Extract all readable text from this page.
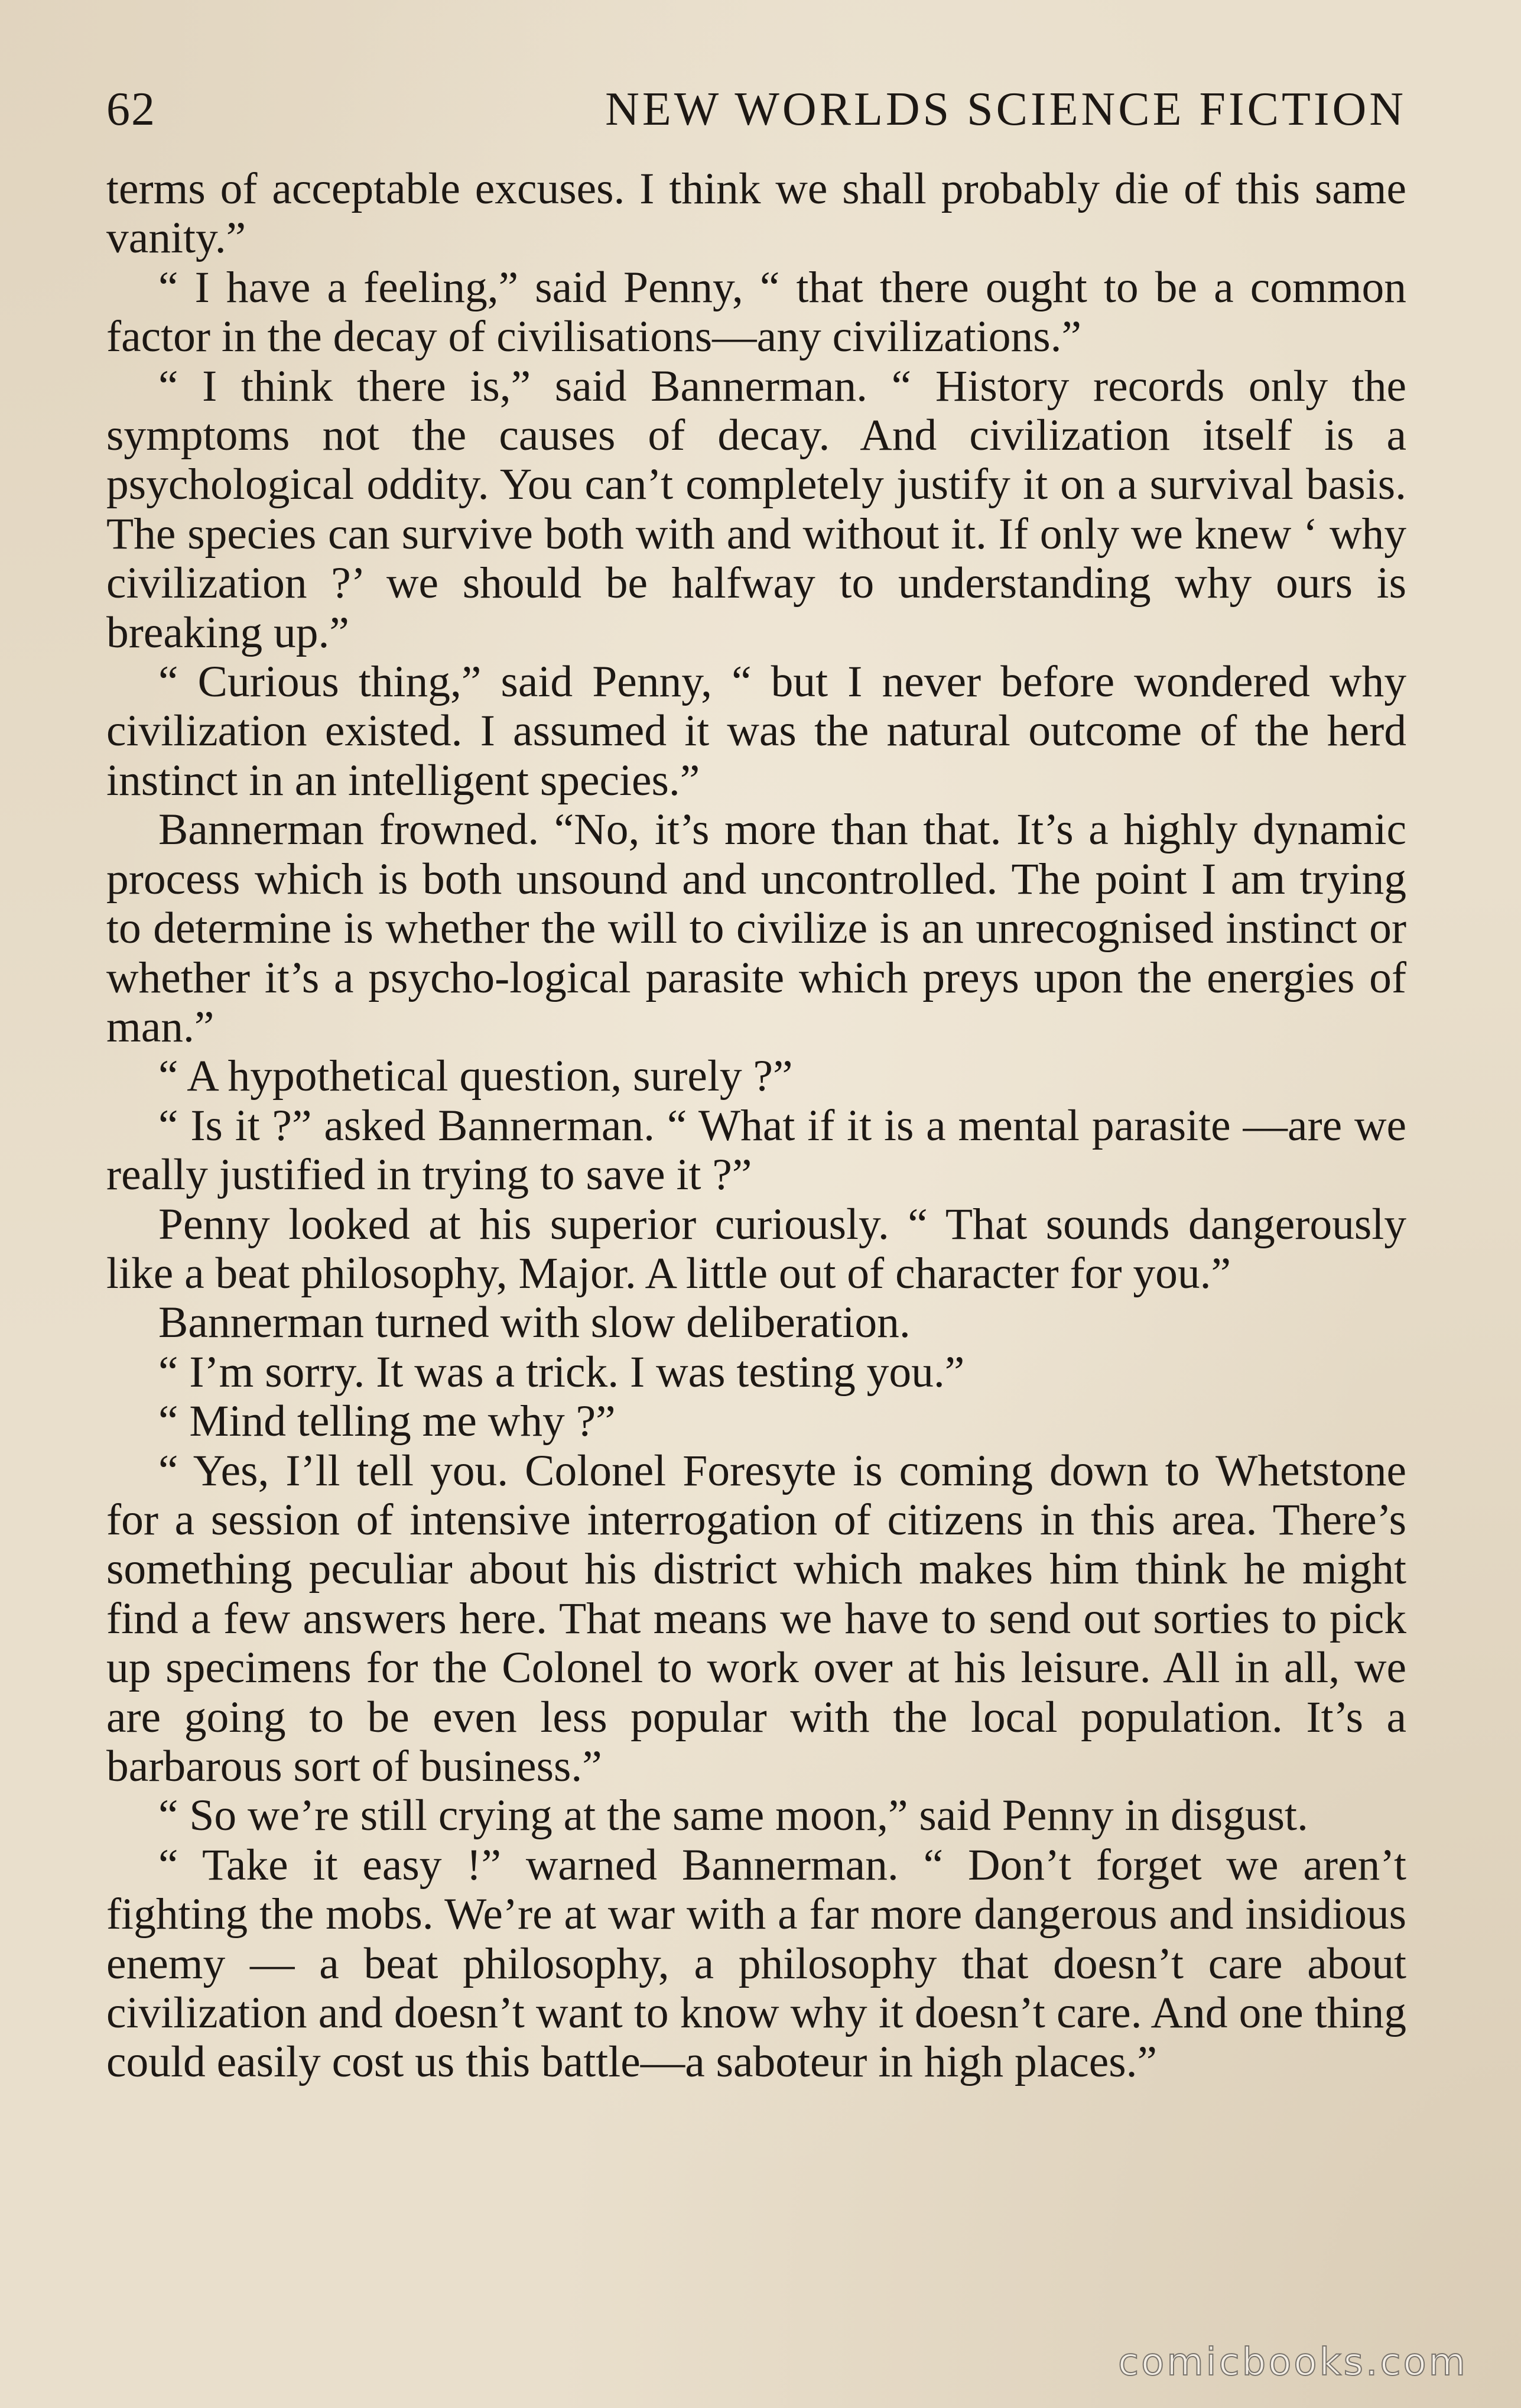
62	NEW WORLDS SCIENCE FICTION

terms of acceptable excuses. I think we shall probably die of this same vanity.”

“ I have a feeling,” said Penny, “ that there ought to be a common factor in the decay of civilisations—any civilizations.”

“ I think there is,” said Bannerman. “ History records only the symptoms not the causes of decay. And civilization itself is a psychological oddity. You can’t completely justify it on a survival basis. The species can survive both with and without it. If only we knew ‘ why civilization ?’ we should be halfway to understanding why ours is breaking up.”

“ Curious thing,” said Penny, “ but I never before wondered why civilization existed. I assumed it was the natural outcome of the herd instinct in an intelligent species.”

Bannerman frowned. “No, it’s more than that. It’s a highly dynamic process which is both unsound and uncontrolled. The point I am trying to determine is whether the will to civilize is an unrecognised instinct or whether it’s a psycho-logical parasite which preys upon the energies of man.”

“ A hypothetical question, surely ?”

“ Is it ?” asked Bannerman. “ What if it is a mental parasite —are we really justified in trying to save it ?”

Penny looked at his superior curiously. “ That sounds dangerously like a beat philosophy, Major. A little out of character for you.”

Bannerman turned with slow deliberation.

“ I’m sorry. It was a trick. I was testing you.”

“ Mind telling me why ?”

“ Yes, I’ll tell you. Colonel Foresyte is coming down to Whetstone for a session of intensive interrogation of citizens in this area. There’s something peculiar about his district which makes him think he might find a few answers here. That means we have to send out sorties to pick up specimens for the Colonel to work over at his leisure. All in all, we are going to be even less popular with the local population. It’s a barbarous sort of business.”

“ So we’re still crying at the same moon,” said Penny in disgust.

“ Take it easy !” warned Bannerman. “ Don’t forget we aren’t fighting the mobs. We’re at war with a far more dangerous and insidious enemy — a beat philosophy, a philosophy that doesn’t care about civilization and doesn’t want to know why it doesn’t care. And one thing could easily cost us this battle—a saboteur in high places.”

comicbooks.com
